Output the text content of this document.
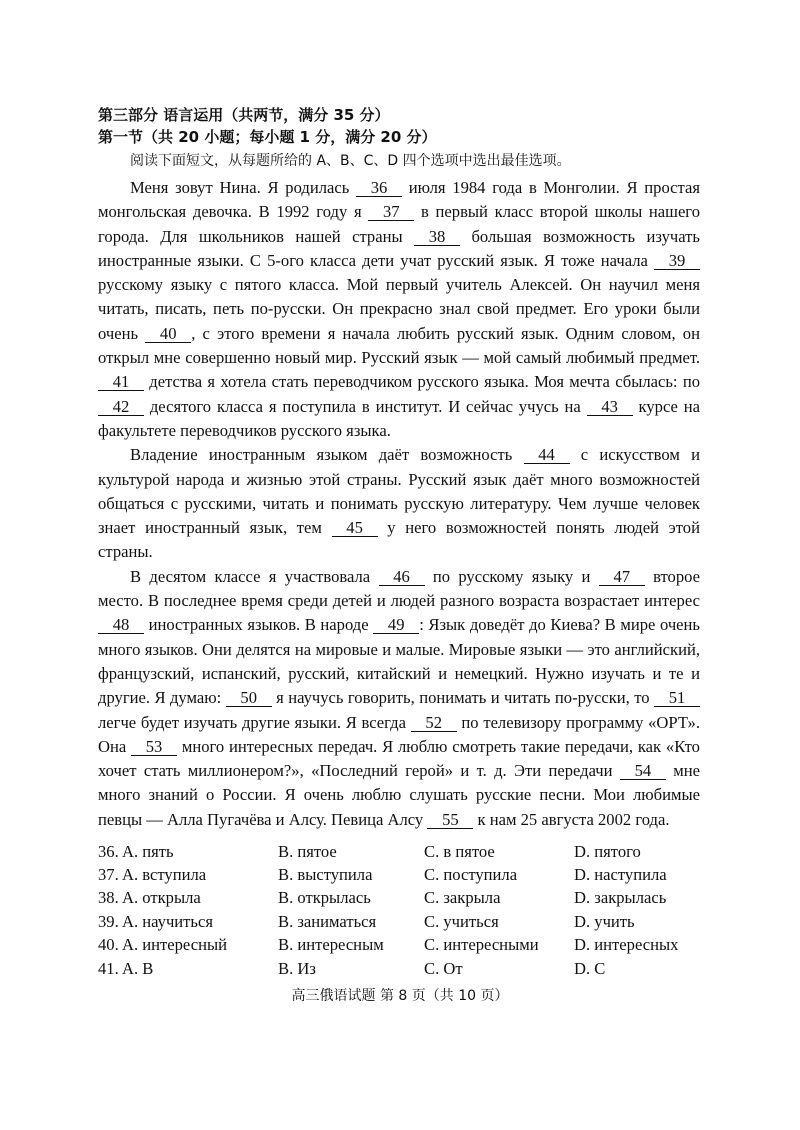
第三部分 语言运用（共两节，满分 35 分）
第一节（共 20 小题；每小题 1 分，满分 20 分）
阅读下面短文，从每题所给的 A、B、C、D 四个选项中选出最佳选项。

Меня зовут Нина. Я родилась 36 июля 1984 года в Монголии. Я простая монгольская девочка. В 1992 году я 37 в первый класс второй школы нашего города. Для школьников нашей страны 38 большая возможность изучать иностранные языки. С 5-ого класса дети учат русский язык. Я тоже начала 39 русскому языку с пятого класса. Мой первый учитель Алексей. Он научил меня читать, писать, петь по-русски. Он прекрасно знал свой предмет. Его уроки были очень 40 , с этого времени я начала любить русский язык. Одним словом, он открыл мне совершенно новый мир. Русский язык — мой самый любимый предмет. 41 детства я хотела стать переводчиком русского языка. Моя мечта сбылась: по 42 десятого класса я поступила в институт. И сейчас учусь на 43 курсе на факультете переводчиков русского языка.

Владение иностранным языком даёт возможность 44 с искусством и культурой народа и жизнью этой страны. Русский язык даёт много возможностей общаться с русскими, читать и понимать русскую литературу. Чем лучше человек знает иностранный язык, тем 45 у него возможностей понять людей этой страны.

В десятом классе я участвовала 46 по русскому языку и 47 второе место. В последнее время среди детей и людей разного возраста возрастает интерес 48 иностранных языков. В народе 49 : Язык доведёт до Киева? В мире очень много языков. Они делятся на мировые и малые. Мировые языки — это английский, французский, испанский, русский, китайский и немецкий. Нужно изучать и те и другие. Я думаю: 50 я научусь говорить, понимать и читать по-русски, то 51 легче будет изучать другие языки. Я всегда 52 по телевизору программу «ОРТ». Она 53 много интересных передач. Я люблю смотреть такие передачи, как «Кто хочет стать миллионером?», «Последний герой» и т. д. Эти передачи 54 мне много знаний о России. Я очень люблю слушать русские песни. Мои любимые певцы — Алла Пугачёва и Алсу. Певица Алсу 55 к нам 25 августа 2002 года.

36. A. пять	B. пятое	C. в пятое	D. пятого
37. A. вступила	B. выступила	C. поступила	D. наступила
38. A. открыла	B. открылась	C. закрыла	D. закрылась
39. A. научиться	B. заниматься	C. учиться	D. учить
40. A. интересный	B. интересным	C. интересными	D. интересных
41. A. В	B. Из	C. От	D. С
高三俄语试题 第 8 页（共 10 页）
